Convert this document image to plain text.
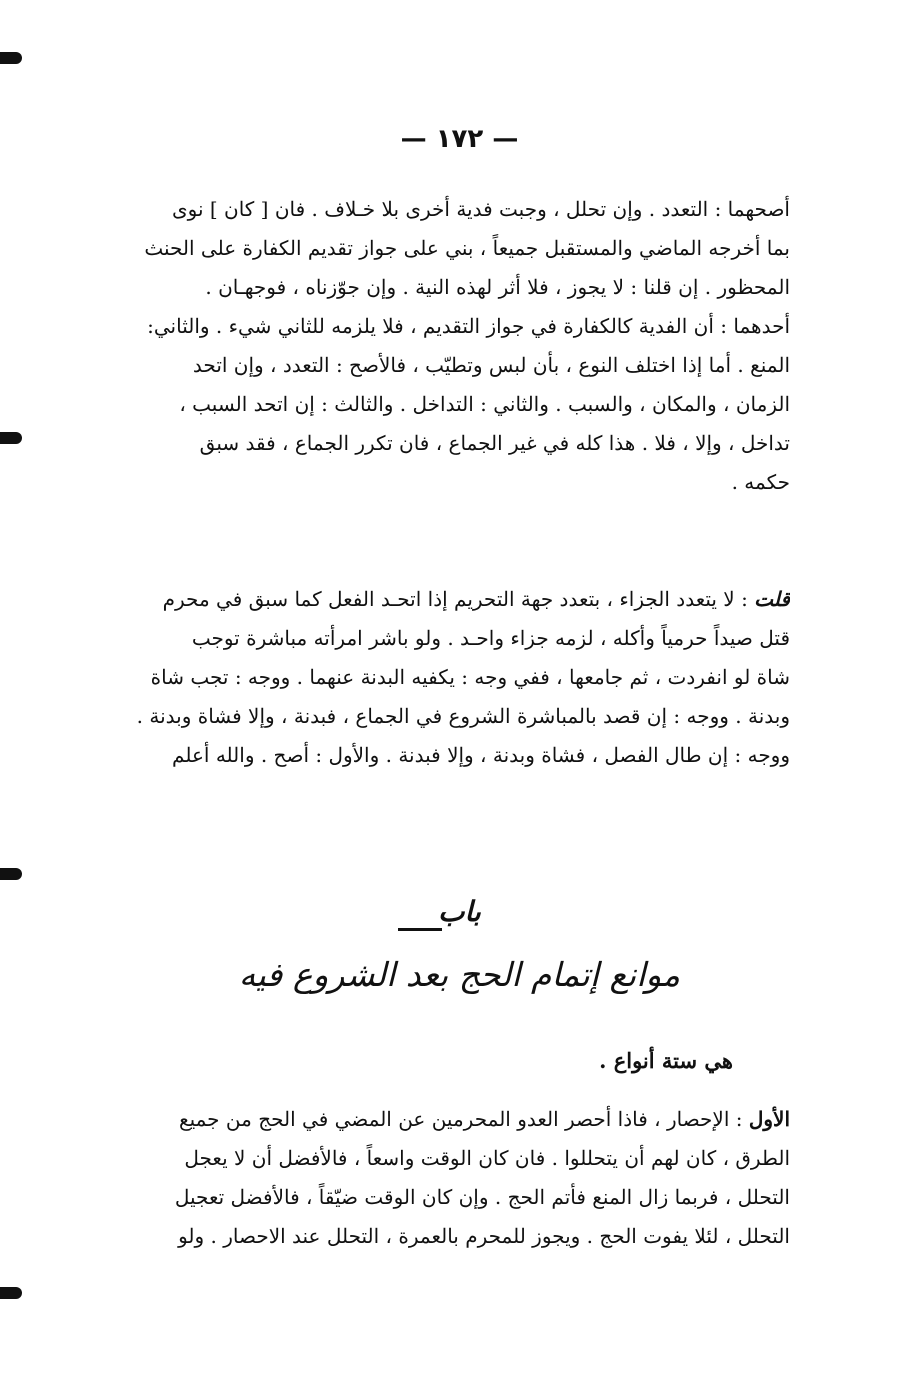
— ١٧٢ —
أصحهما : التعدد . وإن تحلل ، وجبت فدية أخرى بلا خـلاف . فان [ كان ] نوى
بما أخرجه الماضي والمستقبل جميعاً ، بني على جواز تقديم الكفارة على الحنث
المحظور . إن قلنا : لا يجوز ، فلا أثر لهذه النية . وإن جوّزناه ، فوجهـان .
أحدهما : أن الفدية كالكفارة في جواز التقديم ، فلا يلزمه للثاني شيء . والثاني:
المنع . أما إذا اختلف النوع ، بأن لبس وتطيّب ، فالأصح : التعدد ، وإن اتحد
الزمان ، والمكان ، والسبب . والثاني : التداخل . والثالث : إن اتحد السبب ،
تداخل ، وإلا ، فلا . هذا كله في غير الجماع ، فان تكرر الجماع ، فقد سبق
حكمه .
قلت : لا يتعدد الجزاء ، بتعدد جهة التحريم إذا اتحـد الفعل كما سبق في محرم
قتل صيداً حرمياً وأكله ، لزمه جزاء واحـد . ولو باشر امرأته مباشرة توجب
شاة لو انفردت ، ثم جامعها ، ففي وجه : يكفيه البدنة عنهما . ووجه : تجب شاة
وبدنة . ووجه : إن قصد بالمباشرة الشروع في الجماع ، فبدنة ، وإلا فشاة وبدنة .
ووجه : إن طال الفصل ، فشاة وبدنة ، وإلا فبدنة . والأول : أصح . والله أعلم
باب
موانع إتمام الحج بعد الشروع فيه
هي ستة أنواع .
الأول : الإحصار ، فاذا أحصر العدو المحرمين عن المضي في الحج من جميع
الطرق ، كان لهم أن يتحللوا . فان كان الوقت واسعاً ، فالأفضل أن لا يعجل
التحلل ، فربما زال المنع فأتم الحج . وإن كان الوقت ضيّقاً ، فالأفضل تعجيل
التحلل ، لئلا يفوت الحج . ويجوز للمحرم بالعمرة ، التحلل عند الاحصار . ولو
